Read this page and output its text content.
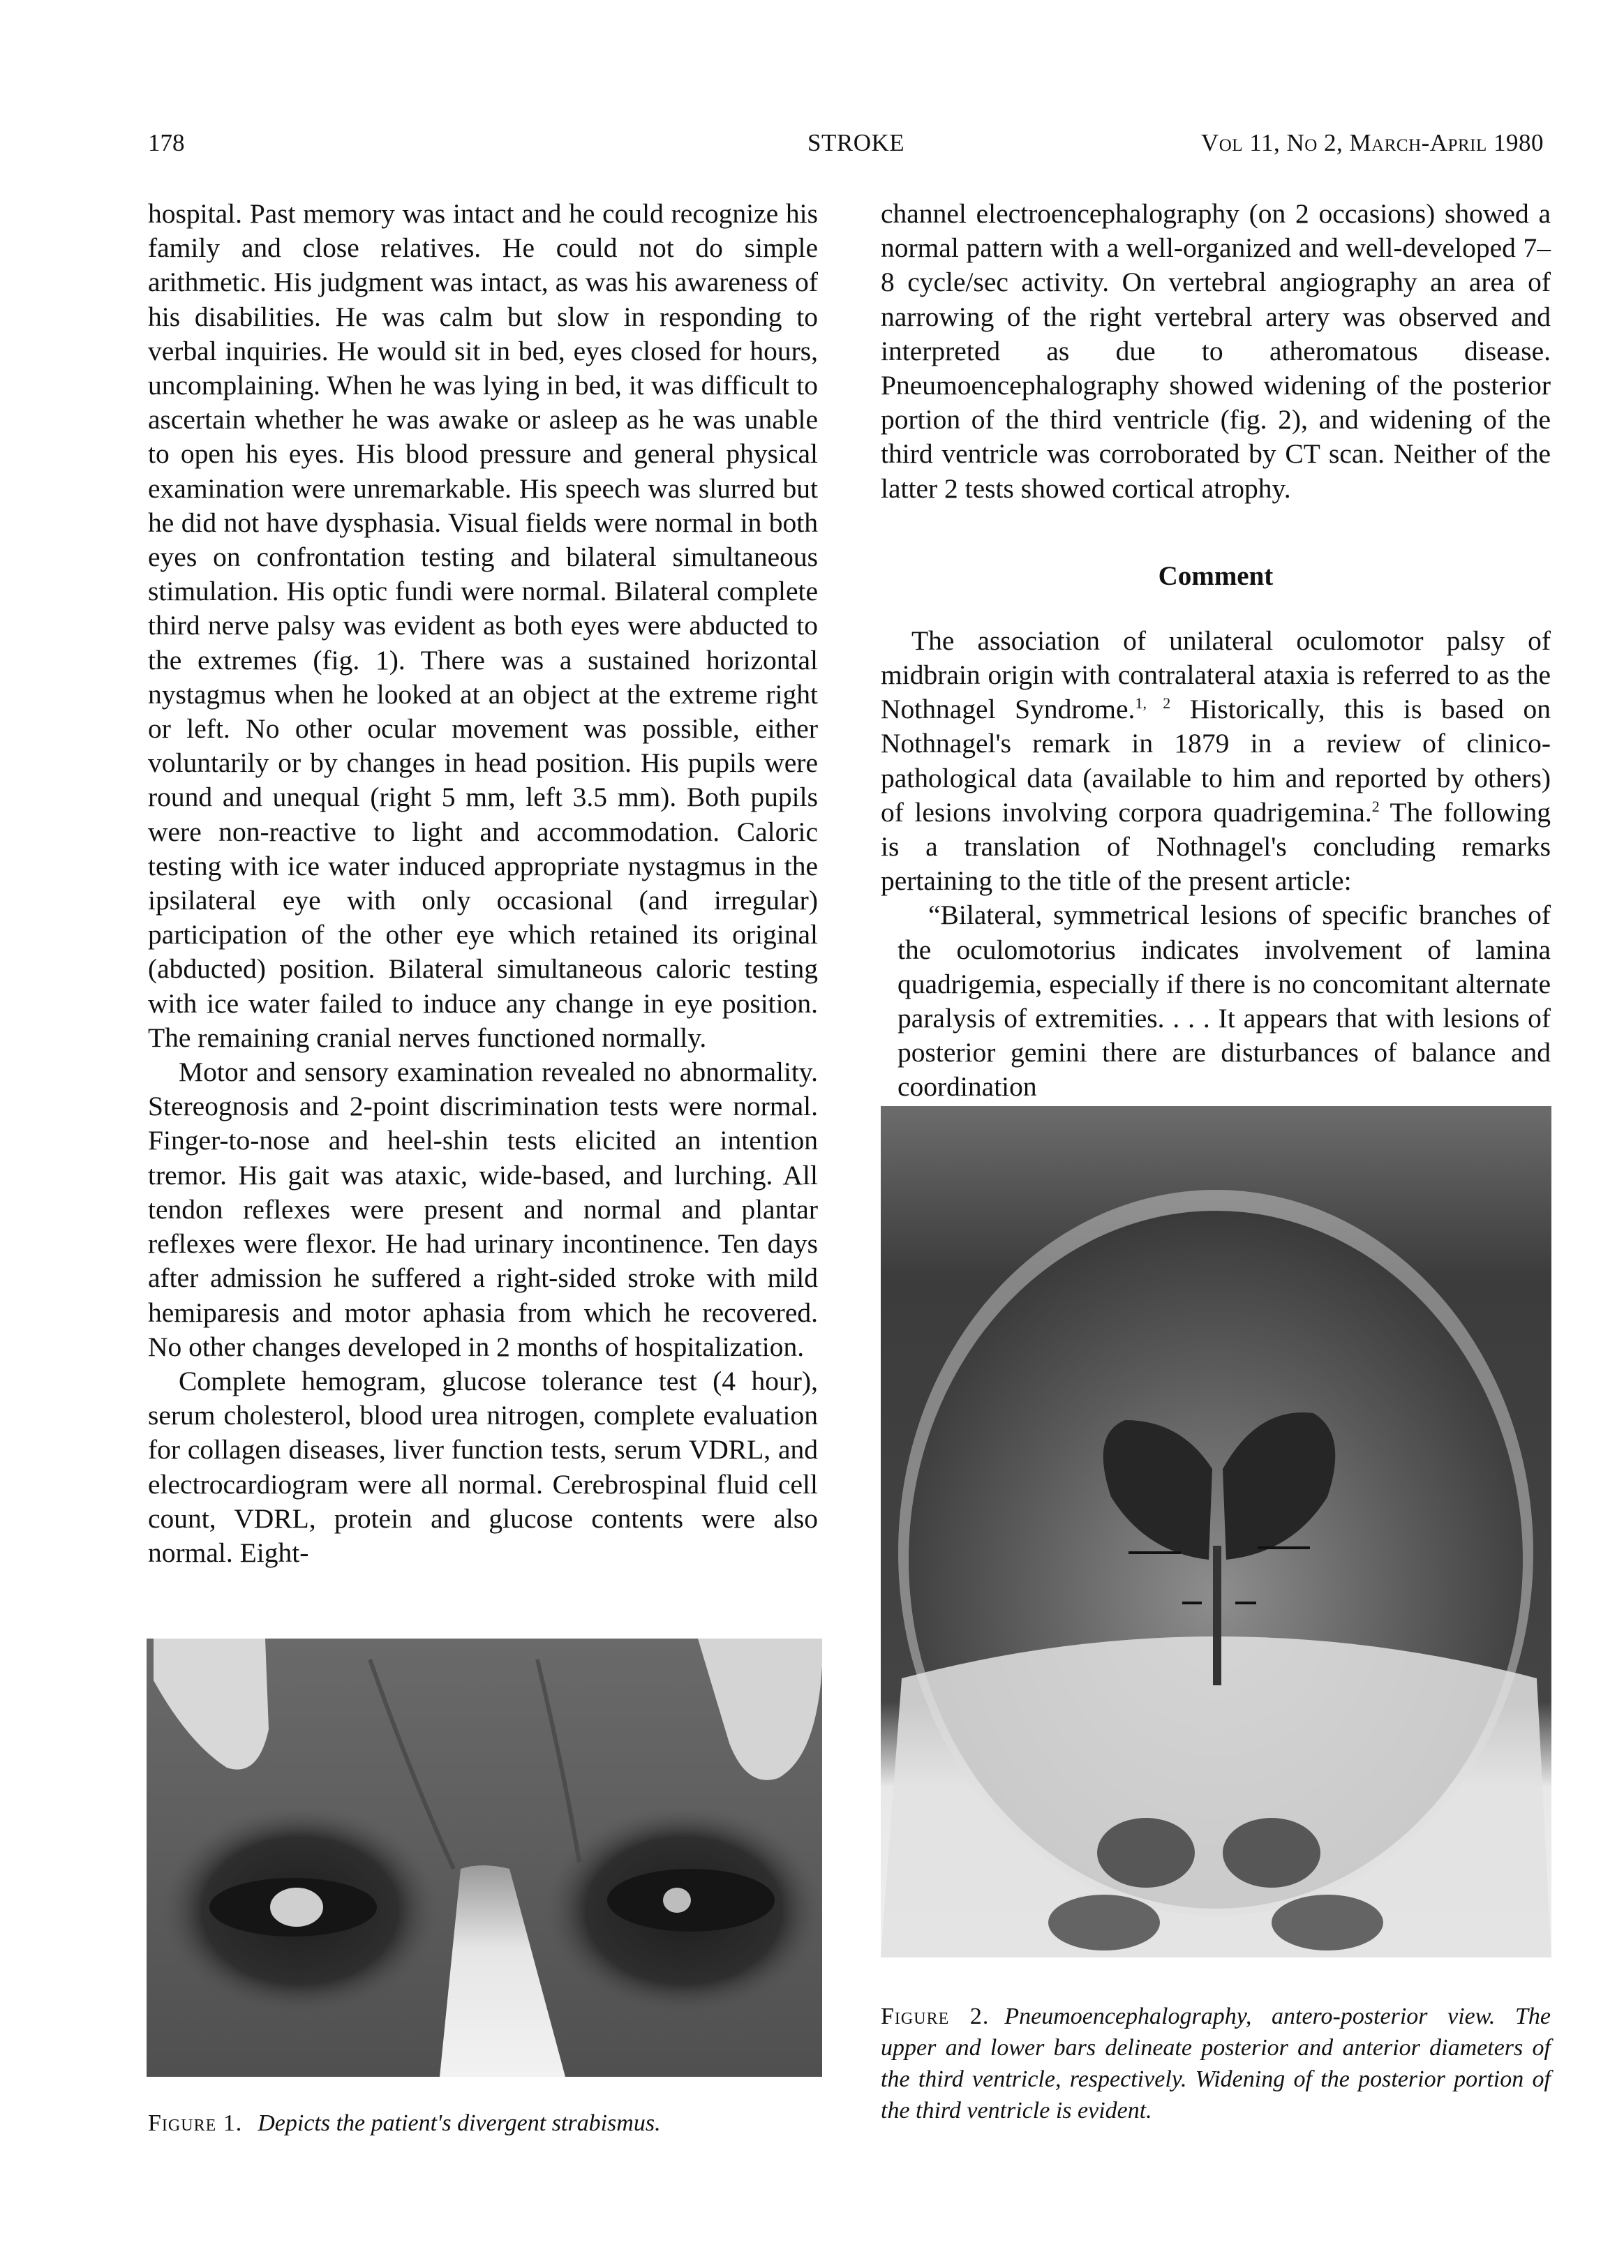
178	STROKE	Vol 11, No 2, March-April 1980

hospital. Past memory was intact and he could recognize his family and close relatives. He could not do simple arithmetic. His judgment was intact, as was his awareness of his disabilities. He was calm but slow in responding to verbal inquiries. He would sit in bed, eyes closed for hours, uncomplaining. When he was lying in bed, it was difficult to ascertain whether he was awake or asleep as he was unable to open his eyes. His blood pressure and general physical examination were unremarkable. His speech was slurred but he did not have dysphasia. Visual fields were normal in both eyes on confrontation testing and bilateral simultaneous stimulation. His optic fundi were normal. Bilateral complete third nerve palsy was evident as both eyes were abducted to the extremes (fig. 1). There was a sustained horizontal nystagmus when he looked at an object at the extreme right or left. No other ocular movement was possible, either voluntarily or by changes in head position. His pupils were round and unequal (right 5 mm, left 3.5 mm). Both pupils were non-reactive to light and accommodation. Caloric testing with ice water induced appropriate nystagmus in the ipsilateral eye with only occasional (and irregular) participation of the other eye which retained its original (abducted) position. Bilateral simultaneous caloric testing with ice water failed to induce any change in eye position. The remaining cranial nerves functioned normally.

Motor and sensory examination revealed no abnormality. Stereognosis and 2-point discrimination tests were normal. Finger-to-nose and heel-shin tests elicited an intention tremor. His gait was ataxic, wide-based, and lurching. All tendon reflexes were present and normal and plantar reflexes were flexor. He had urinary incontinence. Ten days after admission he suffered a right-sided stroke with mild hemiparesis and motor aphasia from which he recovered. No other changes developed in 2 months of hospitalization.

Complete hemogram, glucose tolerance test (4 hour), serum cholesterol, blood urea nitrogen, complete evaluation for collagen diseases, liver function tests, serum VDRL, and electrocardiogram were all normal. Cerebrospinal fluid cell count, VDRL, protein and glucose contents were also normal. Eight-

channel electroencephalography (on 2 occasions) showed a normal pattern with a well-organized and well-developed 7–8 cycle/sec activity. On vertebral angiography an area of narrowing of the right vertebral artery was observed and interpreted as due to atheromatous disease. Pneumoencephalography showed widening of the posterior portion of the third ventricle (fig. 2), and widening of the third ventricle was corroborated by CT scan. Neither of the latter 2 tests showed cortical atrophy.

Comment

The association of unilateral oculomotor palsy of midbrain origin with contralateral ataxia is referred to as the Nothnagel Syndrome.$^{1, 2}$ Historically, this is based on Nothnagel's remark in 1879 in a review of clinico-pathological data (available to him and reported by others) of lesions involving corpora quadrigemina.$^2$ The following is a translation of Nothnagel's concluding remarks pertaining to the title of the present article:

“Bilateral, symmetrical lesions of specific branches of the oculomotorius indicates involvement of lamina quadrigemia, especially if there is no concomitant alternate paralysis of extremities. . . . It appears that with lesions of posterior gemini there are disturbances of balance and coordination

Figure 1. Depicts the patient's divergent strabismus.
Figure 2. Pneumoencephalography, antero-posterior view. The upper and lower bars delineate posterior and anterior diameters of the third ventricle, respectively. Widening of the posterior portion of the third ventricle is evident.
